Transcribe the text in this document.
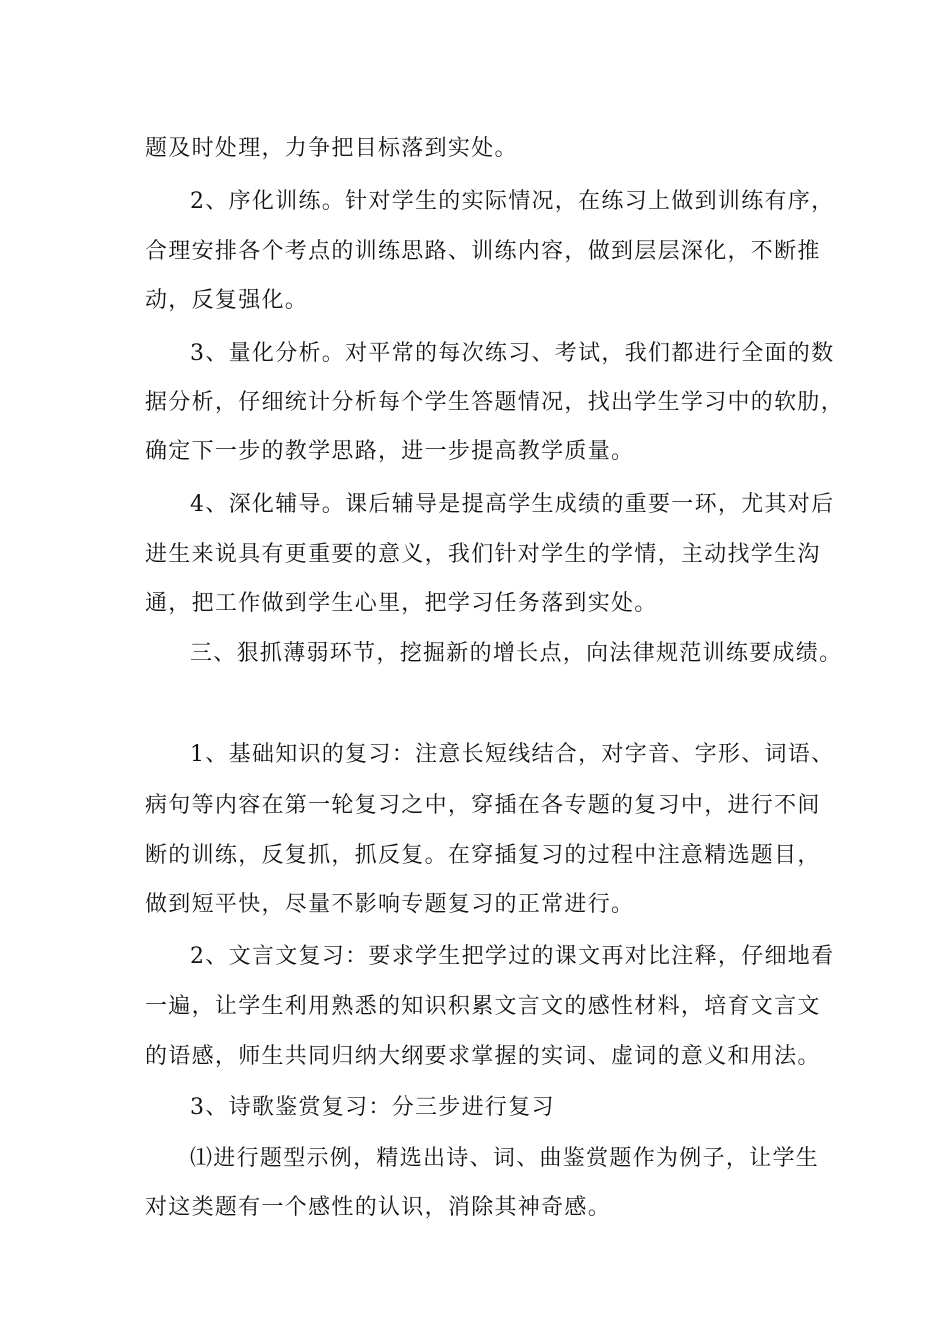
题及时处理，力争把目标落到实处。
2、序化训练。针对学生的实际情况，在练习上做到训练有序，
合理安排各个考点的训练思路、训练内容，做到层层深化，不断推
动，反复强化。
3、量化分析。对平常的每次练习、考试，我们都进行全面的数
据分析，仔细统计分析每个学生答题情况，找出学生学习中的软肋，
确定下一步的教学思路，进一步提高教学质量。
4、深化辅导。课后辅导是提高学生成绩的重要一环，尤其对后
进生来说具有更重要的意义，我们针对学生的学情，主动找学生沟
通，把工作做到学生心里，把学习任务落到实处。
三、狠抓薄弱环节，挖掘新的增长点，向法律规范训练要成绩。
1、基础知识的复习：注意长短线结合，对字音、字形、词语、
病句等内容在第一轮复习之中，穿插在各专题的复习中，进行不间
断的训练，反复抓，抓反复。在穿插复习的过程中注意精选题目，
做到短平快，尽量不影响专题复习的正常进行。
2、文言文复习：要求学生把学过的课文再对比注释，仔细地看
一遍，让学生利用熟悉的知识积累文言文的感性材料，培育文言文
的语感，师生共同归纳大纲要求掌握的实词、虚词的意义和用法。
3、诗歌鉴赏复习：分三步进行复习
⑴进行题型示例，精选出诗、词、曲鉴赏题作为例子，让学生
对这类题有一个感性的认识，消除其神奇感。
